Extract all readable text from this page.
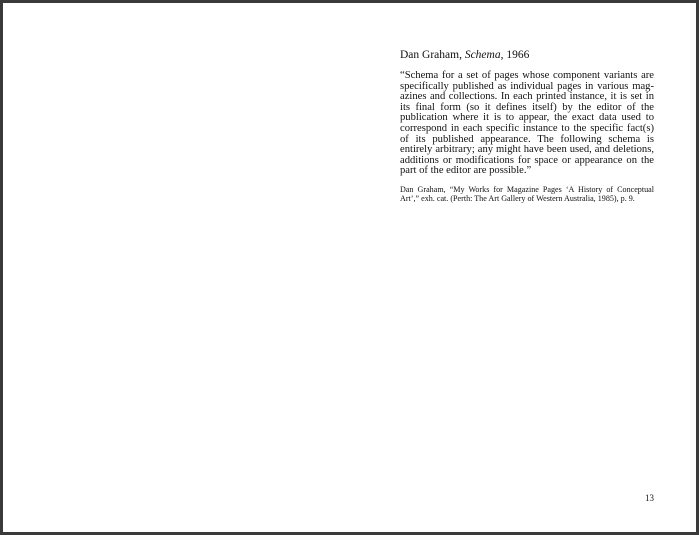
Dan Graham, Schema, 1966

“Schema for a set of pages whose component variants are specifically published as individual pages in various magazines and collections. In each printed instance, it is set in its final form (so it defines itself) by the editor of the publication where it is to appear, the exact data used to correspond in each specific instance to the specific fact(s) of its published appearance. The following schema is entirely arbitrary; any might have been used, and deletions, additions or modifications for space or appearance on the part of the editor are possible.”

Dan Graham, “My Works for Magazine Pages ‘A History of Conceptual Art’,” exh. cat. (Perth: The Art Gallery of Western Australia, 1985), p. 9.

13
